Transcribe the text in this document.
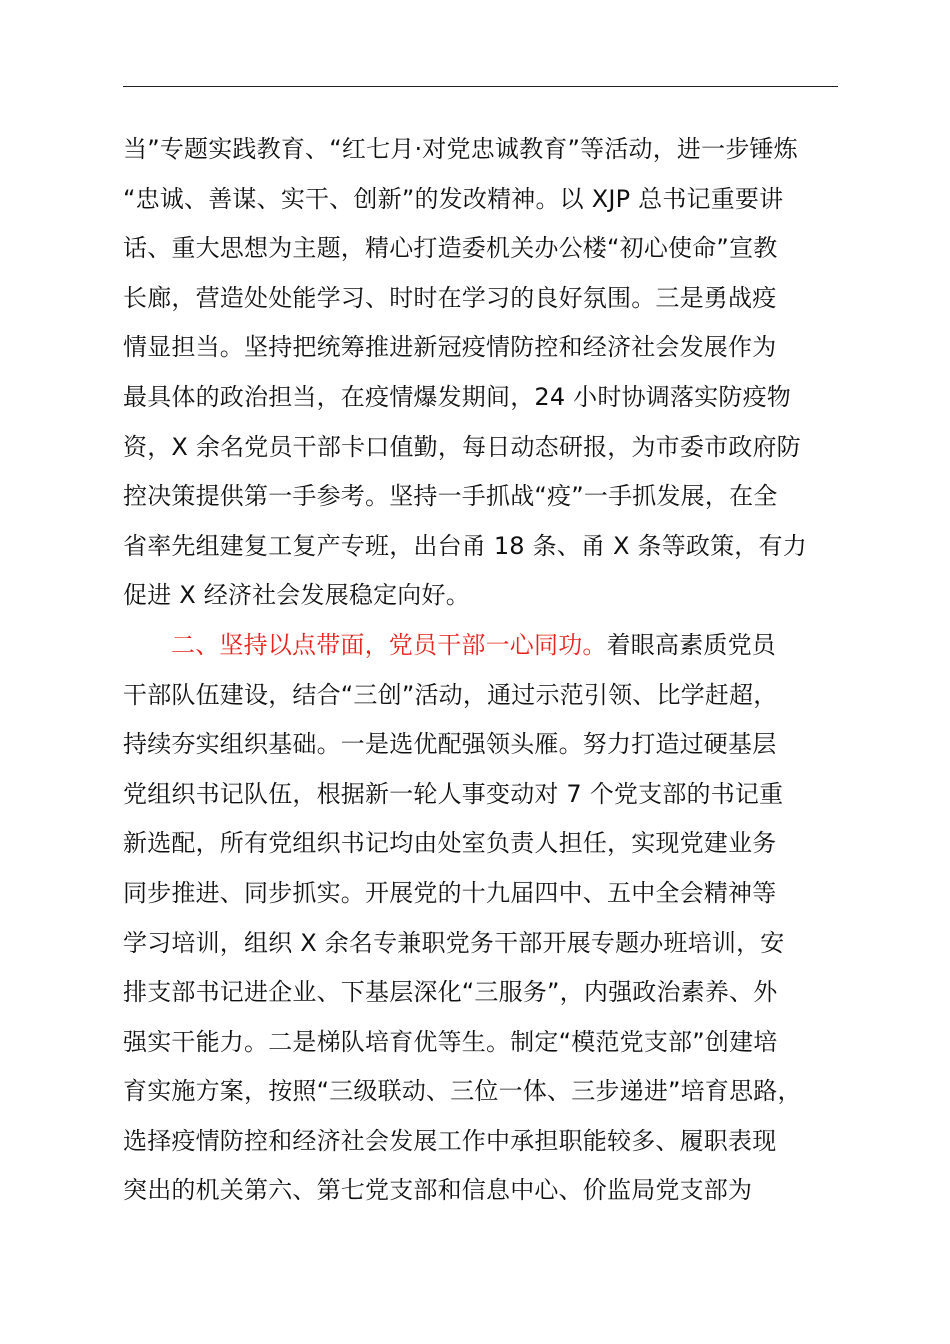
当”专题实践教育、“红七月·对党忠诚教育”等活动，进一步锤炼
“忠诚、善谋、实干、创新”的发改精神。以 XJP 总书记重要讲
话、重大思想为主题，精心打造委机关办公楼“初心使命”宣教
长廊，营造处处能学习、时时在学习的良好氛围。三是勇战疫
情显担当。坚持把统筹推进新冠疫情防控和经济社会发展作为
最具体的政治担当，在疫情爆发期间，24 小时协调落实防疫物
资，X 余名党员干部卡口值勤，每日动态研报，为市委市政府防
控决策提供第一手参考。坚持一手抓战“疫”一手抓发展，在全
省率先组建复工复产专班，出台甬 18 条、甬 X 条等政策，有力
促进 X 经济社会发展稳定向好。
二、坚持以点带面，党员干部一心同功。着眼高素质党员
干部队伍建设，结合“三创”活动，通过示范引领、比学赶超，
持续夯实组织基础。一是选优配强领头雁。努力打造过硬基层
党组织书记队伍，根据新一轮人事变动对 7 个党支部的书记重
新选配，所有党组织书记均由处室负责人担任，实现党建业务
同步推进、同步抓实。开展党的十九届四中、五中全会精神等
学习培训，组织 X 余名专兼职党务干部开展专题办班培训，安
排支部书记进企业、下基层深化“三服务”，内强政治素养、外
强实干能力。二是梯队培育优等生。制定“模范党支部”创建培
育实施方案，按照“三级联动、三位一体、三步递进”培育思路，
选择疫情防控和经济社会发展工作中承担职能较多、履职表现
突出的机关第六、第七党支部和信息中心、价监局党支部为
